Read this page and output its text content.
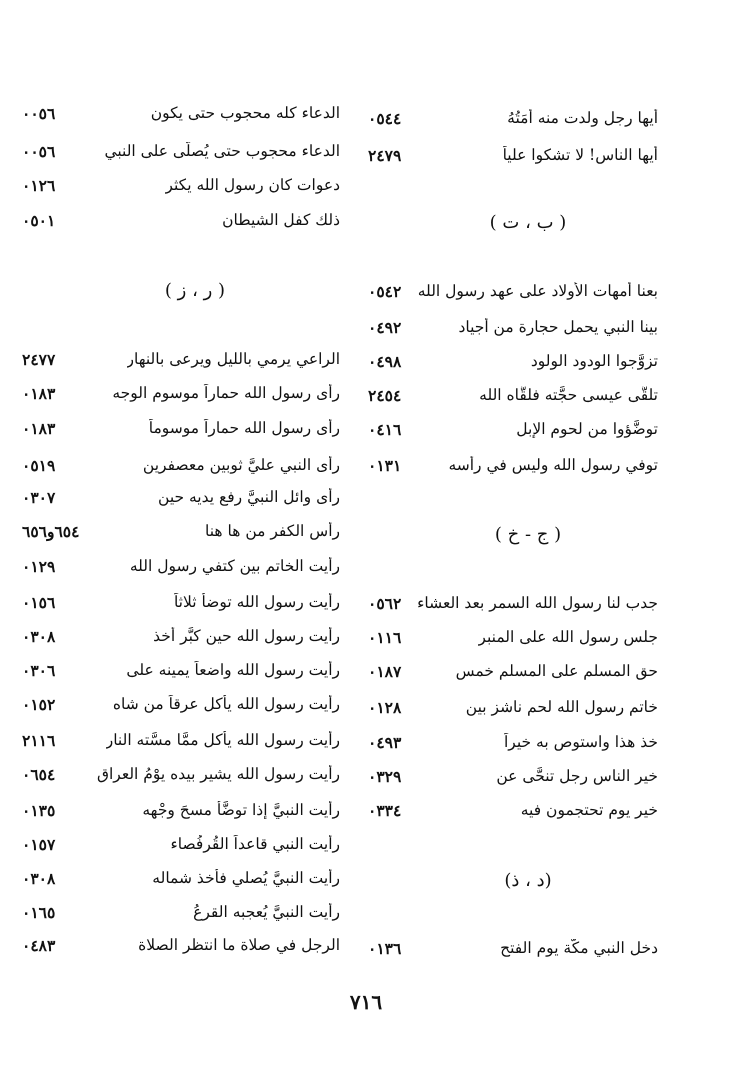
أيها رجل ولدت منه أَمَتُهُ
٠٥٤٤
أيها الناس! لا تشكوا علياً
٢٤٧٩
( ب ، ت )
بعنا أمهات الأولاد على عهد رسول الله
٠٥٤٢
بينا النبي يحمل حجارة من أجياد
٠٤٩٢
تزوَّجوا الودود الولود
٠٤٩٨
تلقَّى عيسى حجَّته فلقَّاه الله
٢٤٥٤
توضَّؤوا من لحوم الإبل
٠٤١٦
توفي رسول الله وليس في رأسه
٠١٣١
( ج - خ )
جدب لنا رسول الله السمر بعد العشاء
٠٥٦٢
جلس رسول الله على المنبر
٠١١٦
حق المسلم على المسلم خمس
٠١٨٧
خاتم رسول الله لحم ناشز بين
٠١٢٨
خذ هذا واستوص به خيراً
٠٤٩٣
خير الناس رجل تنحَّى عن
٠٣٢٩
خير يوم تحتجمون فيه
٠٣٣٤
(د ، ذ)
دخل النبي مكَّة يوم الفتح
٠١٣٦
الدعاء كله محجوب حتى يكون
٠٠٥٦
الدعاء محجوب حتى يُصلَّى على النبي
٠٠٥٦
دعوات كان رسول الله يكثر
٠١٢٦
ذلك كفل الشيطان
٠٥٠١
( ر ، ز )
الراعي يرمي بالليل ويرعى بالنهار
٢٤٧٧
رأى رسول الله حماراً موسوم الوجه
٠١٨٣
رأى رسول الله حماراً موسوماً
٠١٨٣
رأى النبي عليَّ ثوبين معصفرين
٠٥١٩
رأى وائل النبيَّ رفع يديه حين
٠٣٠٧
رأس الكفر من ها هنا
٦٥٤و٦٥٦
رأيت الخاتم بين كتفي رسول الله
٠١٢٩
رأيت رسول الله توضأ ثلاثاً
٠١٥٦
رأيت رسول الله حين كبَّر أخذ
٠٣٠٨
رأيت رسول الله واضعاً يمينه على
٠٣٠٦
رأيت رسول الله يأكل عرقاً من شاه
٠١٥٢
رأيت رسول الله يأكل ممَّا مسَّته النار
٢١١٦
رأيت رسول الله يشير بيده يوْمُ العراق
٠٦٥٤
رأيت النبيَّ إذا توضَّأ مسحَ وجْهه
٠١٣٥
رأيت النبي قاعداً القُرفُصاء
٠١٥٧
رأيت النبيَّ يُصلي فأخذ شماله
٠٣٠٨
رأيت النبيَّ يُعجبه القرعُ
٠١٦٥
الرجل في صلاة ما انتظر الصلاة
٠٤٨٣
٧١٦
